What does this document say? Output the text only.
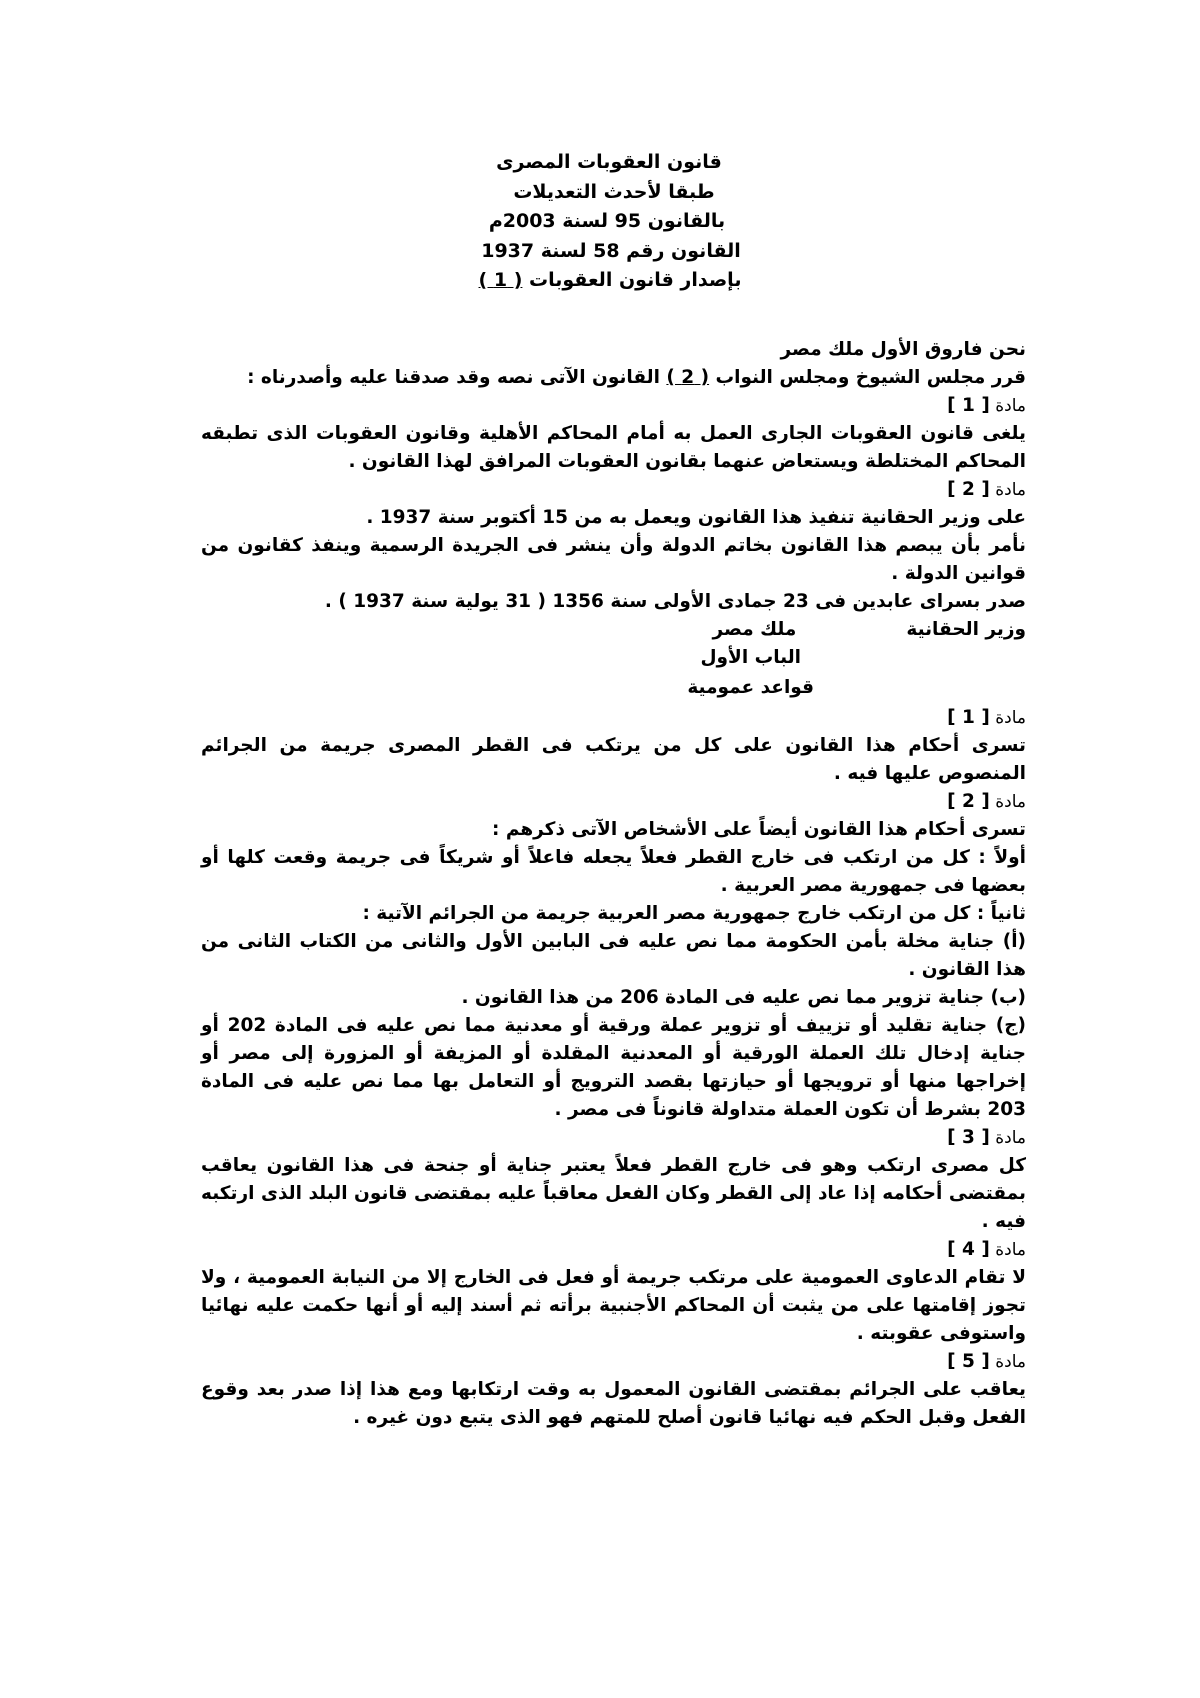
قانون العقوبات المصرى
طبقا لأحدث التعديلات
بالقانون 95 لسنة 2003م
القانون رقم 58 لسنة 1937
بإصدار قانون العقوبات ( 1 )
نحن فاروق الأول ملك مصر
قرر مجلس الشيوخ ومجلس النواب ( 2 ) القانون الآتى نصه وقد صدقنا عليه وأصدرناه :
مادة [ 1 ]
يلغى قانون العقوبات الجارى العمل به أمام المحاكم الأهلية وقانون العقوبات الذى تطبقه المحاكم المختلطة ويستعاض عنهما بقانون العقوبات المرافق لهذا القانون .
مادة [ 2 ]
على وزير الحقانية تنفيذ هذا القانون ويعمل به من 15 أكتوبر سنة 1937 .
نأمر بأن يبصم هذا القانون بخاتم الدولة وأن ينشر فى الجريدة الرسمية وينفذ كقانون من قوانين الدولة .
صدر بسراى عابدين فى 23 جمادى الأولى سنة 1356 ( 31 يولية سنة 1937 ) .
وزير الحقانيةملك مصر
الباب الأول
قواعد عمومية
مادة [ 1 ]
تسرى أحكام هذا القانون على كل من يرتكب فى القطر المصرى جريمة من الجرائم المنصوص عليها فيه .
مادة [ 2 ]
تسرى أحكام هذا القانون أيضاً على الأشخاص الآتى ذكرهم :
أولاً : كل من ارتكب فى خارج القطر فعلاً يجعله فاعلاً أو شريكاً فى جريمة وقعت كلها أو بعضها فى جمهورية مصر العربية .
ثانياً : كل من ارتكب خارج جمهورية مصر العربية جريمة من الجرائم الآتية :
(أ) جناية مخلة بأمن الحكومة مما نص عليه فى البابين الأول والثانى من الكتاب الثانى من هذا القانون .
(ب) جناية تزوير مما نص عليه فى المادة 206 من هذا القانون .
(ج) جناية تقليد أو تزييف أو تزوير عملة ورقية أو معدنية مما نص عليه فى المادة 202 أو جناية إدخال تلك العملة الورقية أو المعدنية المقلدة أو المزيفة أو المزورة إلى مصر أو إخراجها منها أو ترويجها أو حيازتها بقصد الترويج أو التعامل بها مما نص عليه فى المادة 203 بشرط أن تكون العملة متداولة قانوناً فى مصر .
مادة [ 3 ]
كل مصرى ارتكب وهو فى خارج القطر فعلاً يعتبر جناية أو جنحة فى هذا القانون يعاقب بمقتضى أحكامه إذا عاد إلى القطر وكان الفعل معاقباً عليه بمقتضى قانون البلد الذى ارتكبه فيه .
مادة [ 4 ]
لا تقام الدعاوى العمومية على مرتكب جريمة أو فعل فى الخارج إلا من النيابة العمومية ، ولا تجوز إقامتها على من يثبت أن المحاكم الأجنبية برأته ثم أسند إليه أو أنها حكمت عليه نهائيا واستوفى عقوبته .
مادة [ 5 ]
يعاقب على الجرائم بمقتضى القانون المعمول به وقت ارتكابها ومع هذا إذا صدر بعد وقوع الفعل وقبل الحكم فيه نهائيا قانون أصلح للمتهم فهو الذى يتبع دون غيره .
